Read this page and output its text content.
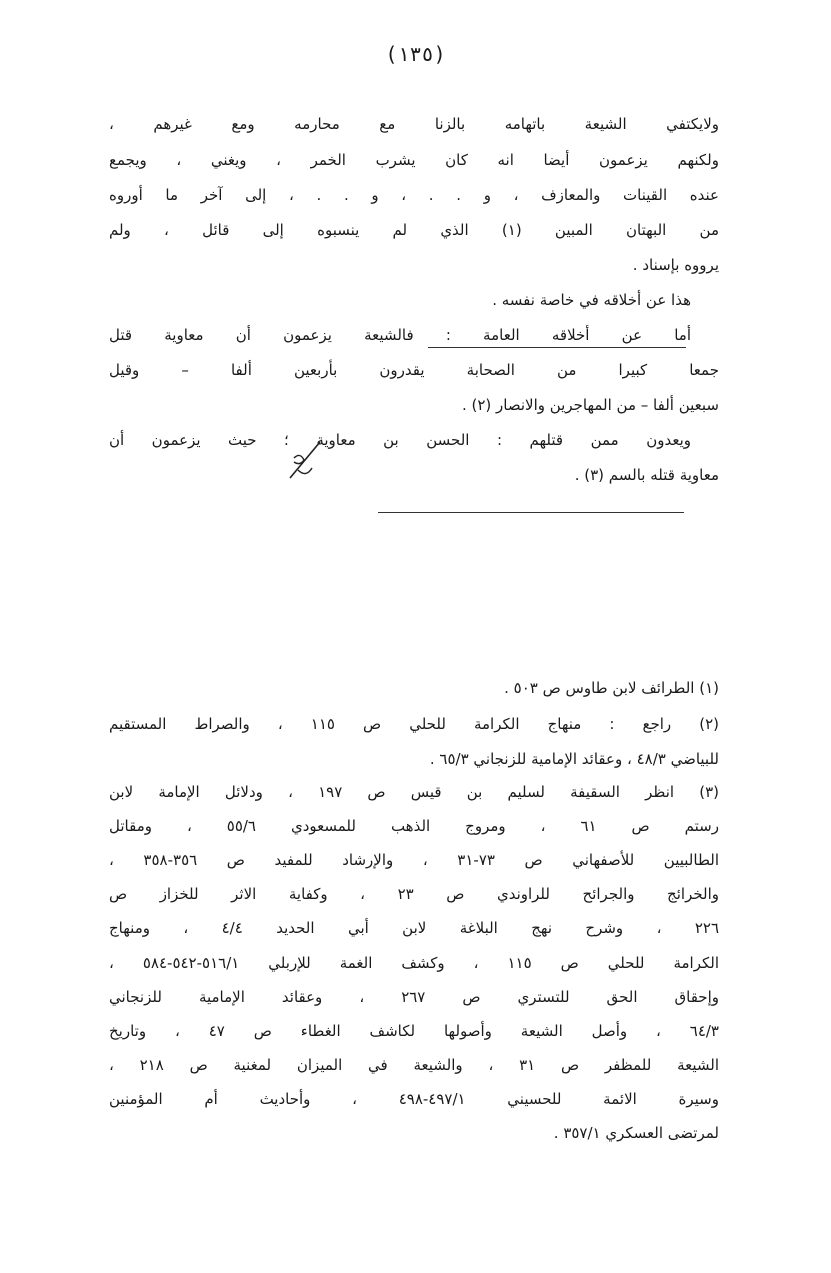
(١٣٥)
ولايكتفي الشيعة باتهامه بالزنا مع محارمه ومع غيرهم ،
ولكنهم يزعمون أيضا انه كان يشرب الخمر ، ويغني ، ويجمع
عنده القينات والمعازف ، و . . ، و . . ، إلى آخر ما أوروه
من البهتان المبين (١) الذي لم ينسبوه إلى قائل ، ولم
يرووه بإسناد .
هذا عن أخلاقه في خاصة نفسه .
أما عن أخلاقه العامة : فالشيعة يزعمون أن معاوية قتل
جمعا كبيرا من الصحابة يقدرون بأربعين ألفا – وقيل
سبعين ألفا – من المهاجرين والانصار (٢) .
ويعدون ممن قتلهم : الحسن بن معاوية ؛ حيث يزعمون أن
معاوية قتله بالسم (٣) .
(١) الطرائف لابن طاوس ص ٥٠٣ .
(٢) راجع : منهاج الكرامة للحلي ص ١١٥ ، والصراط المستقيم
للبياضي ٤٨/٣ ، وعقائد الإمامية للزنجاني ٦٥/٣ .
(٣) انظر السقيفة لسليم بن قيس ص ١٩٧ ، ودلائل الإمامة لابن
رستم ص ٦١ ، ومروج الذهب للمسعودي ٥٥/٦ ، ومقاتل
الطالبيين للأصفهاني ص ٧٣-٣١ ، والإرشاد للمفيد ص ٣٥٦-٣٥٨ ،
والخرائج والجرائح للراوندي ص ٢٣ ، وكفاية الاثر للخزاز ص
٢٢٦ ، وشرح نهج البلاغة لابن أبي الحديد ٤/٤ ، ومنهاج
الكرامة للحلي ص ١١٥ ، وكشف الغمة للإربلي ٥١٦/١-٥٤٢-٥٨٤ ،
وإحقاق الحق للتستري ص ٢٦٧ ، وعقائد الإمامية للزنجاني
٦٤/٣ ، وأصل الشيعة وأصولها لكاشف الغطاء ص ٤٧ ، وتاريخ
الشيعة للمظفر ص ٣١ ، والشيعة في الميزان لمغنية ص ٢١٨ ،
وسيرة الائمة للحسيني ٤٩٧/١-٤٩٨ ، وأحاديث أم المؤمنين
لمرتضى العسكري ٣٥٧/١ .
